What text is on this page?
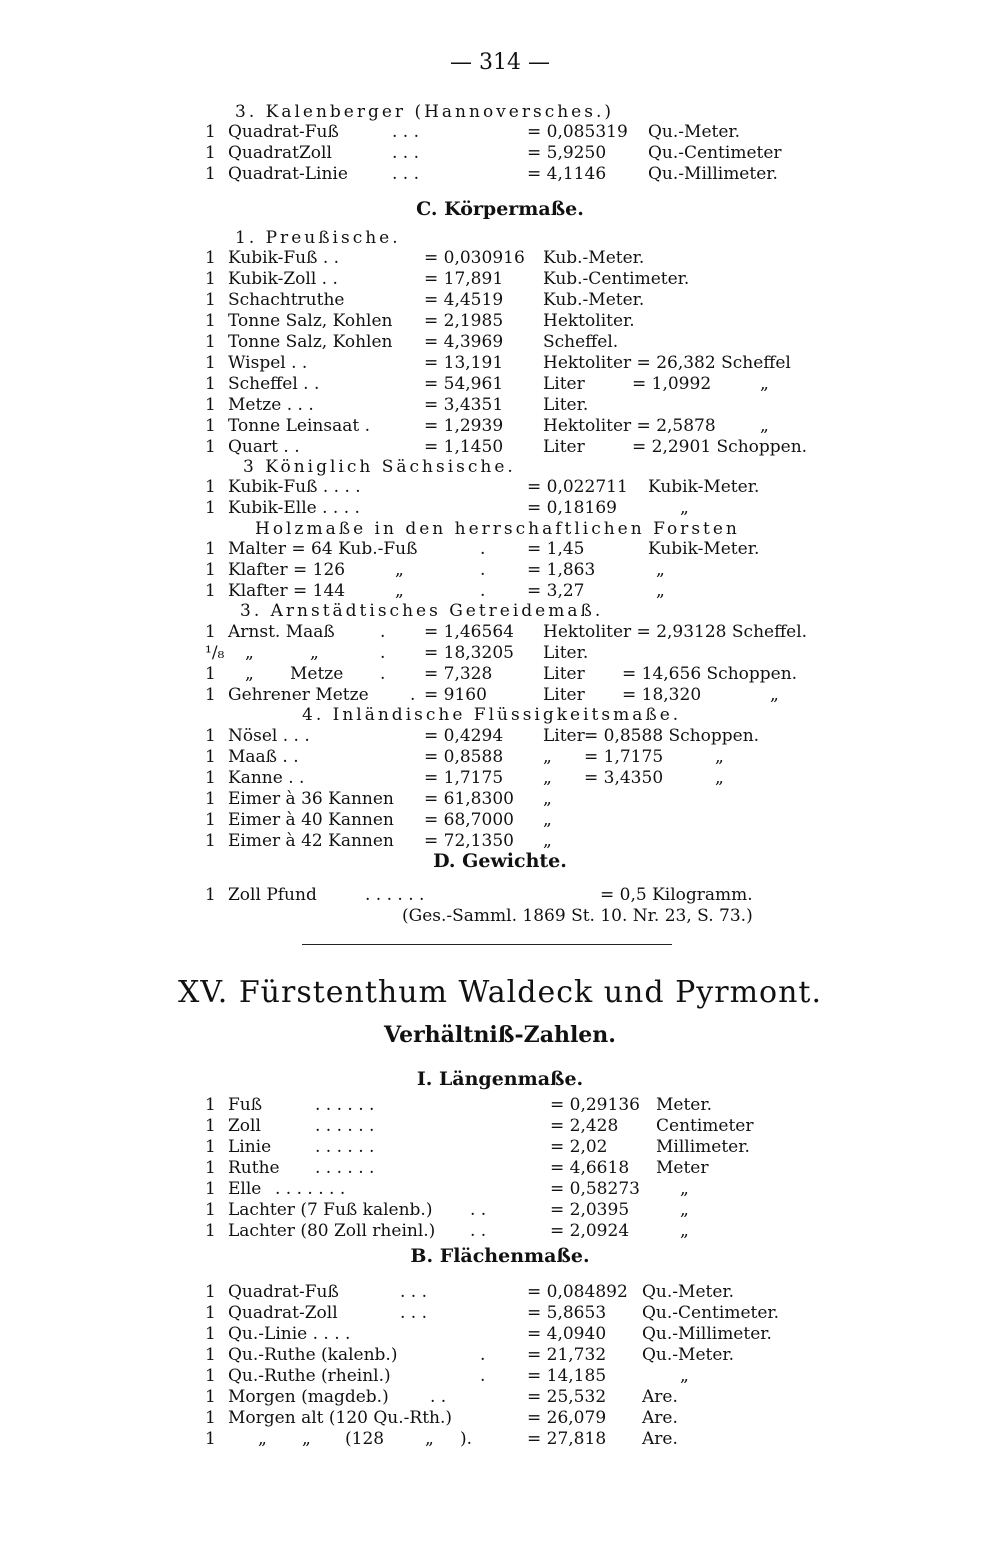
— 314 —
C. Körpermaße.
D. Gewichte.
I. Längenmaße.
B. Flächenmaße.
XV. Fürstenthum Waldeck und Pyrmont.
Verhältniß-Zahlen.
3. Kalenberger (Hannoversches.)
1 Quadrat-Fuß	. . .	= 0,085319 Qu.-Meter.
1 QuadratZoll	. . .	= 5,9250 Qu.-Centimeter
1 Quadrat-Linie	. . .	= 4,1146 Qu.-Millimeter.
1. Preußische.
1 Kubik-Fuß . .	= 0,030916 Kub.-Meter.
1 Kubik-Zoll . .	= 17,891 Kub.-Centimeter.
1 Schachtruthe	= 4,4519 Kub.-Meter.
1 Tonne Salz, Kohlen = 2,1985 Hektoliter.
1 Tonne Salz, Kohlen = 4,3969 Scheffel.
1 Wispel . .	= 13,191 Hektoliter = 26,382 Scheffel
1 Scheffel . .	= 54,961 Liter	= 1,0992	„
1 Metze . . .	= 3,4351 Liter.
1 Tonne Leinsaat .	= 1,2939 Hektoliter = 2,5878	„
1 Quart . .	= 1,1450 Liter	= 2,2901 Schoppen.
3 Königlich Sächsische.
1 Kubik-Fuß . . . .	= 0,022711 Kubik-Meter.
1 Kubik-Elle . . . .	= 0,18169	„
Holzmaße in den herrschaftlichen Forsten
1 Malter = 64 Kub.-Fuß	. = 1,45	Kubik-Meter.
1 Klafter = 126	„	. = 1,863	„
1 Klafter = 144	„	. = 3,27	„
3. Arnstädtisches Getreidemaß.
1 Arnst. Maaß	. = 1,46564 Hektoliter = 2,93128 Scheffel.
¹/₈ „	„	. = 18,3205 Liter.
1 „ Metze . = 7,328	Liter = 14,656 Schoppen.
1 Gehrener Metze . = 9160	Liter = 18,320	„
4. Inländische Flüssigkeitsmaße.
1 Nösel . . .	= 0,4294 Liter = 0,8588 Schoppen.
1 Maaß . .	= 0,8588 „ = 1,7175	„
1 Kanne . .	= 1,7175 „ = 3,4350	„
1 Eimer à 36 Kannen = 61,8300 „
1 Eimer à 40 Kannen = 68,7000 „
1 Eimer à 42 Kannen = 72,1350 „
1 Zoll Pfund	. . . . . .	= 0,5 Kilogramm.
(Ges.-Samml. 1869 St. 10. Nr. 23, S. 73.)
1 Fuß	. . . . . .	= 0,29136 Meter.
1 Zoll	. . . . . .	= 2,428 Centimeter
1 Linie	. . . . . .	= 2,02	Millimeter.
1 Ruthe . . . . . .	= 4,6618 Meter
1 Elle . . . . . . .	= 0,58273 „
1 Lachter (7 Fuß kalenb.) . .	= 2,0395	„
1 Lachter (80 Zoll rheinl.) . .	= 2,0924	„
1 Quadrat-Fuß	. . .	= 0,084892 Qu.-Meter.
1 Quadrat-Zoll	. . .	= 5,8653 Qu.-Centimeter.
1 Qu.-Linie . . . .	= 4,0940 Qu.-Millimeter.
1 Qu.-Ruthe (kalenb.)	. = 21,732 Qu.-Meter.
1 Qu.-Ruthe (rheinl.)	. = 14,185	„
1 Morgen (magdeb.) . .	= 25,532 Are.
1 Morgen alt (120 Qu.-Rth.)	= 26,079 Are.
1 „ „ (128 „ ).	= 27,818 Are.
